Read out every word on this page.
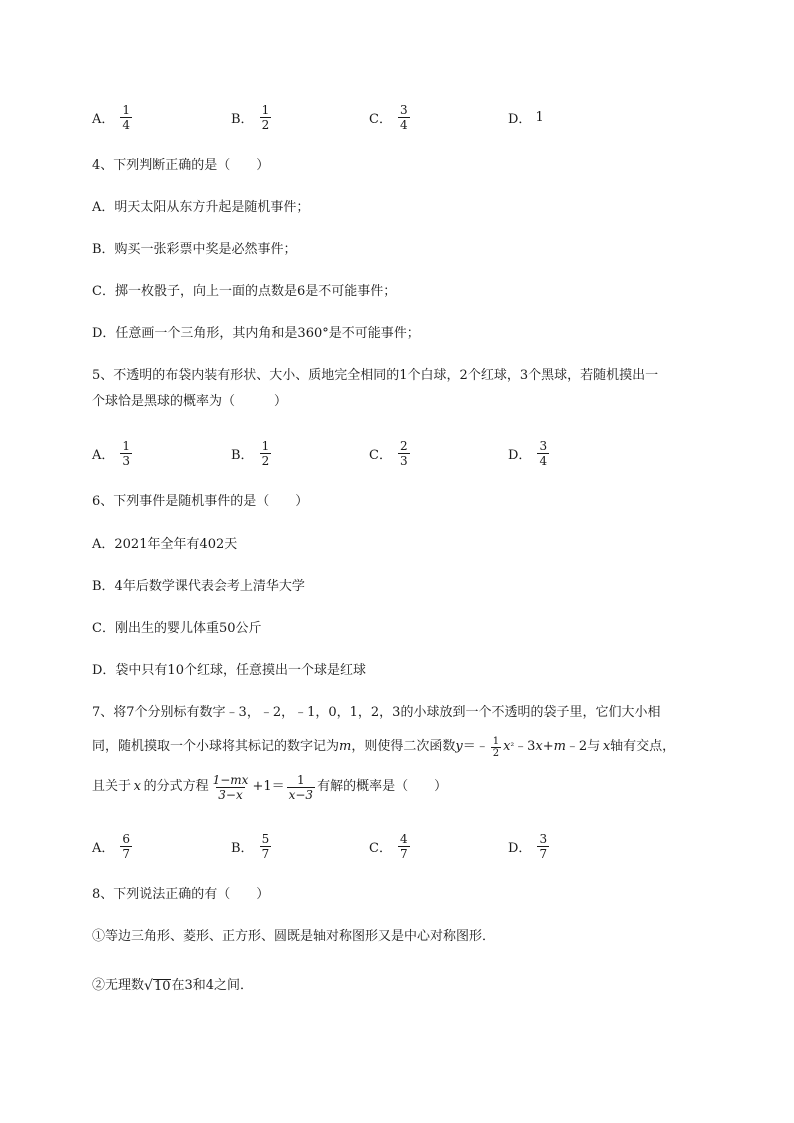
A． $\frac{1}{4}$	B． $\frac{1}{2}$	C． $\frac{3}{4}$	D． 1
4、下列判断正确的是（　　）
A．明天太阳从东方升起是随机事件；
B．购买一张彩票中奖是必然事件；
C．掷一枚骰子，向上一面的点数是6是不可能事件；
D．任意画一个三角形，其内角和是360°是不可能事件；
5、不透明的布袋内装有形状、大小、质地完全相同的1个白球，2个红球，3个黑球，若随机摸出一
个球恰是黑球的概率为（　　　）
A． $\frac{1}{3}$	B． $\frac{1}{2}$	C． $\frac{2}{3}$	D． $\frac{3}{4}$
6、下列事件是随机事件的是（　　）
A．2021年全年有402天
B．4年后数学课代表会考上清华大学
C．刚出生的婴儿体重50公斤
D．袋中只有10个红球，任意摸出一个球是红球
7、将7个分别标有数字﹣3，﹣2，﹣1，0，1，2，3的小球放到一个不透明的袋子里，它们大小相
同，随机摸取一个小球将其标记的数字记为 m ，则使得二次函数 y ＝﹣ $\frac{1}{2}$ x ² ﹣3 x + m ﹣2与
  x 轴有交点，
且关于
  x
  的分式方程 $\frac{1-mx}{3-x} +1= \frac{1}{x-3}$ 有解的概率是（　　）
A． $\frac{6}{7}$	B． $\frac{5}{7}$	C． $\frac{4}{7}$	D． $\frac{3}{7}$
8、下列说法正确的有（　　）
①等边三角形、菱形、正方形、圆既是轴对称图形又是中心对称图形．
②无理数 √ 10 在3和4之间．
